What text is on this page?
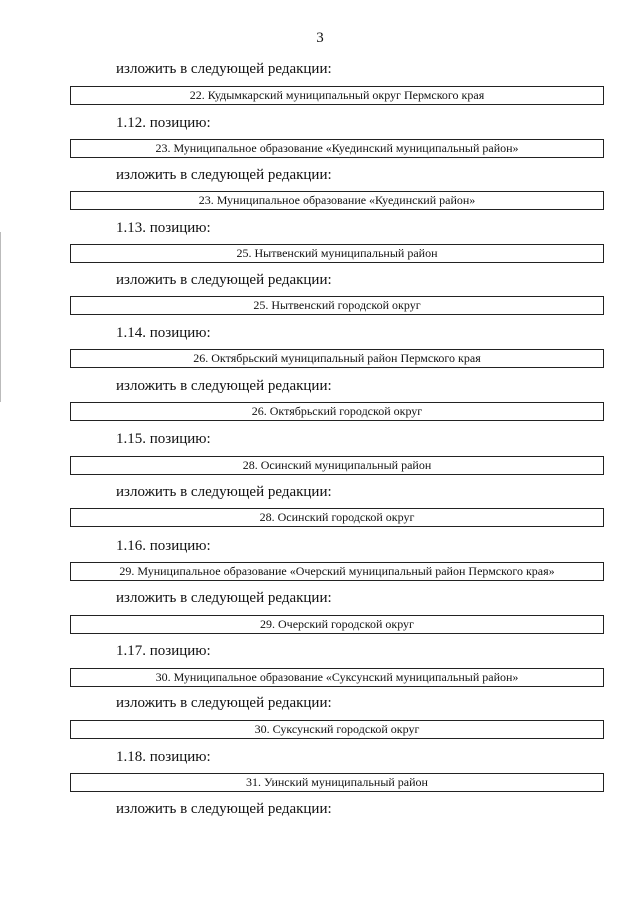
3
изложить в следующей редакции:
22. Кудымкарский муниципальный округ Пермского края
1.12. позицию:
23. Муниципальное образование «Куединский муниципальный район»
изложить в следующей редакции:
23. Муниципальное образование «Куединский район»
1.13. позицию:
25. Нытвенский муниципальный район
изложить в следующей редакции:
25. Нытвенский городской округ
1.14. позицию:
26. Октябрьский муниципальный район Пермского края
изложить в следующей редакции:
26. Октябрьский городской округ
1.15. позицию:
28. Осинский муниципальный район
изложить в следующей редакции:
28. Осинский городской округ
1.16. позицию:
29. Муниципальное образование «Очерский муниципальный район Пермского края»
изложить в следующей редакции:
29. Очерский городской округ
1.17. позицию:
30. Муниципальное образование «Суксунский муниципальный район»
изложить в следующей редакции:
30. Суксунский городской округ
1.18. позицию:
31. Уинский муниципальный район
изложить в следующей редакции:
